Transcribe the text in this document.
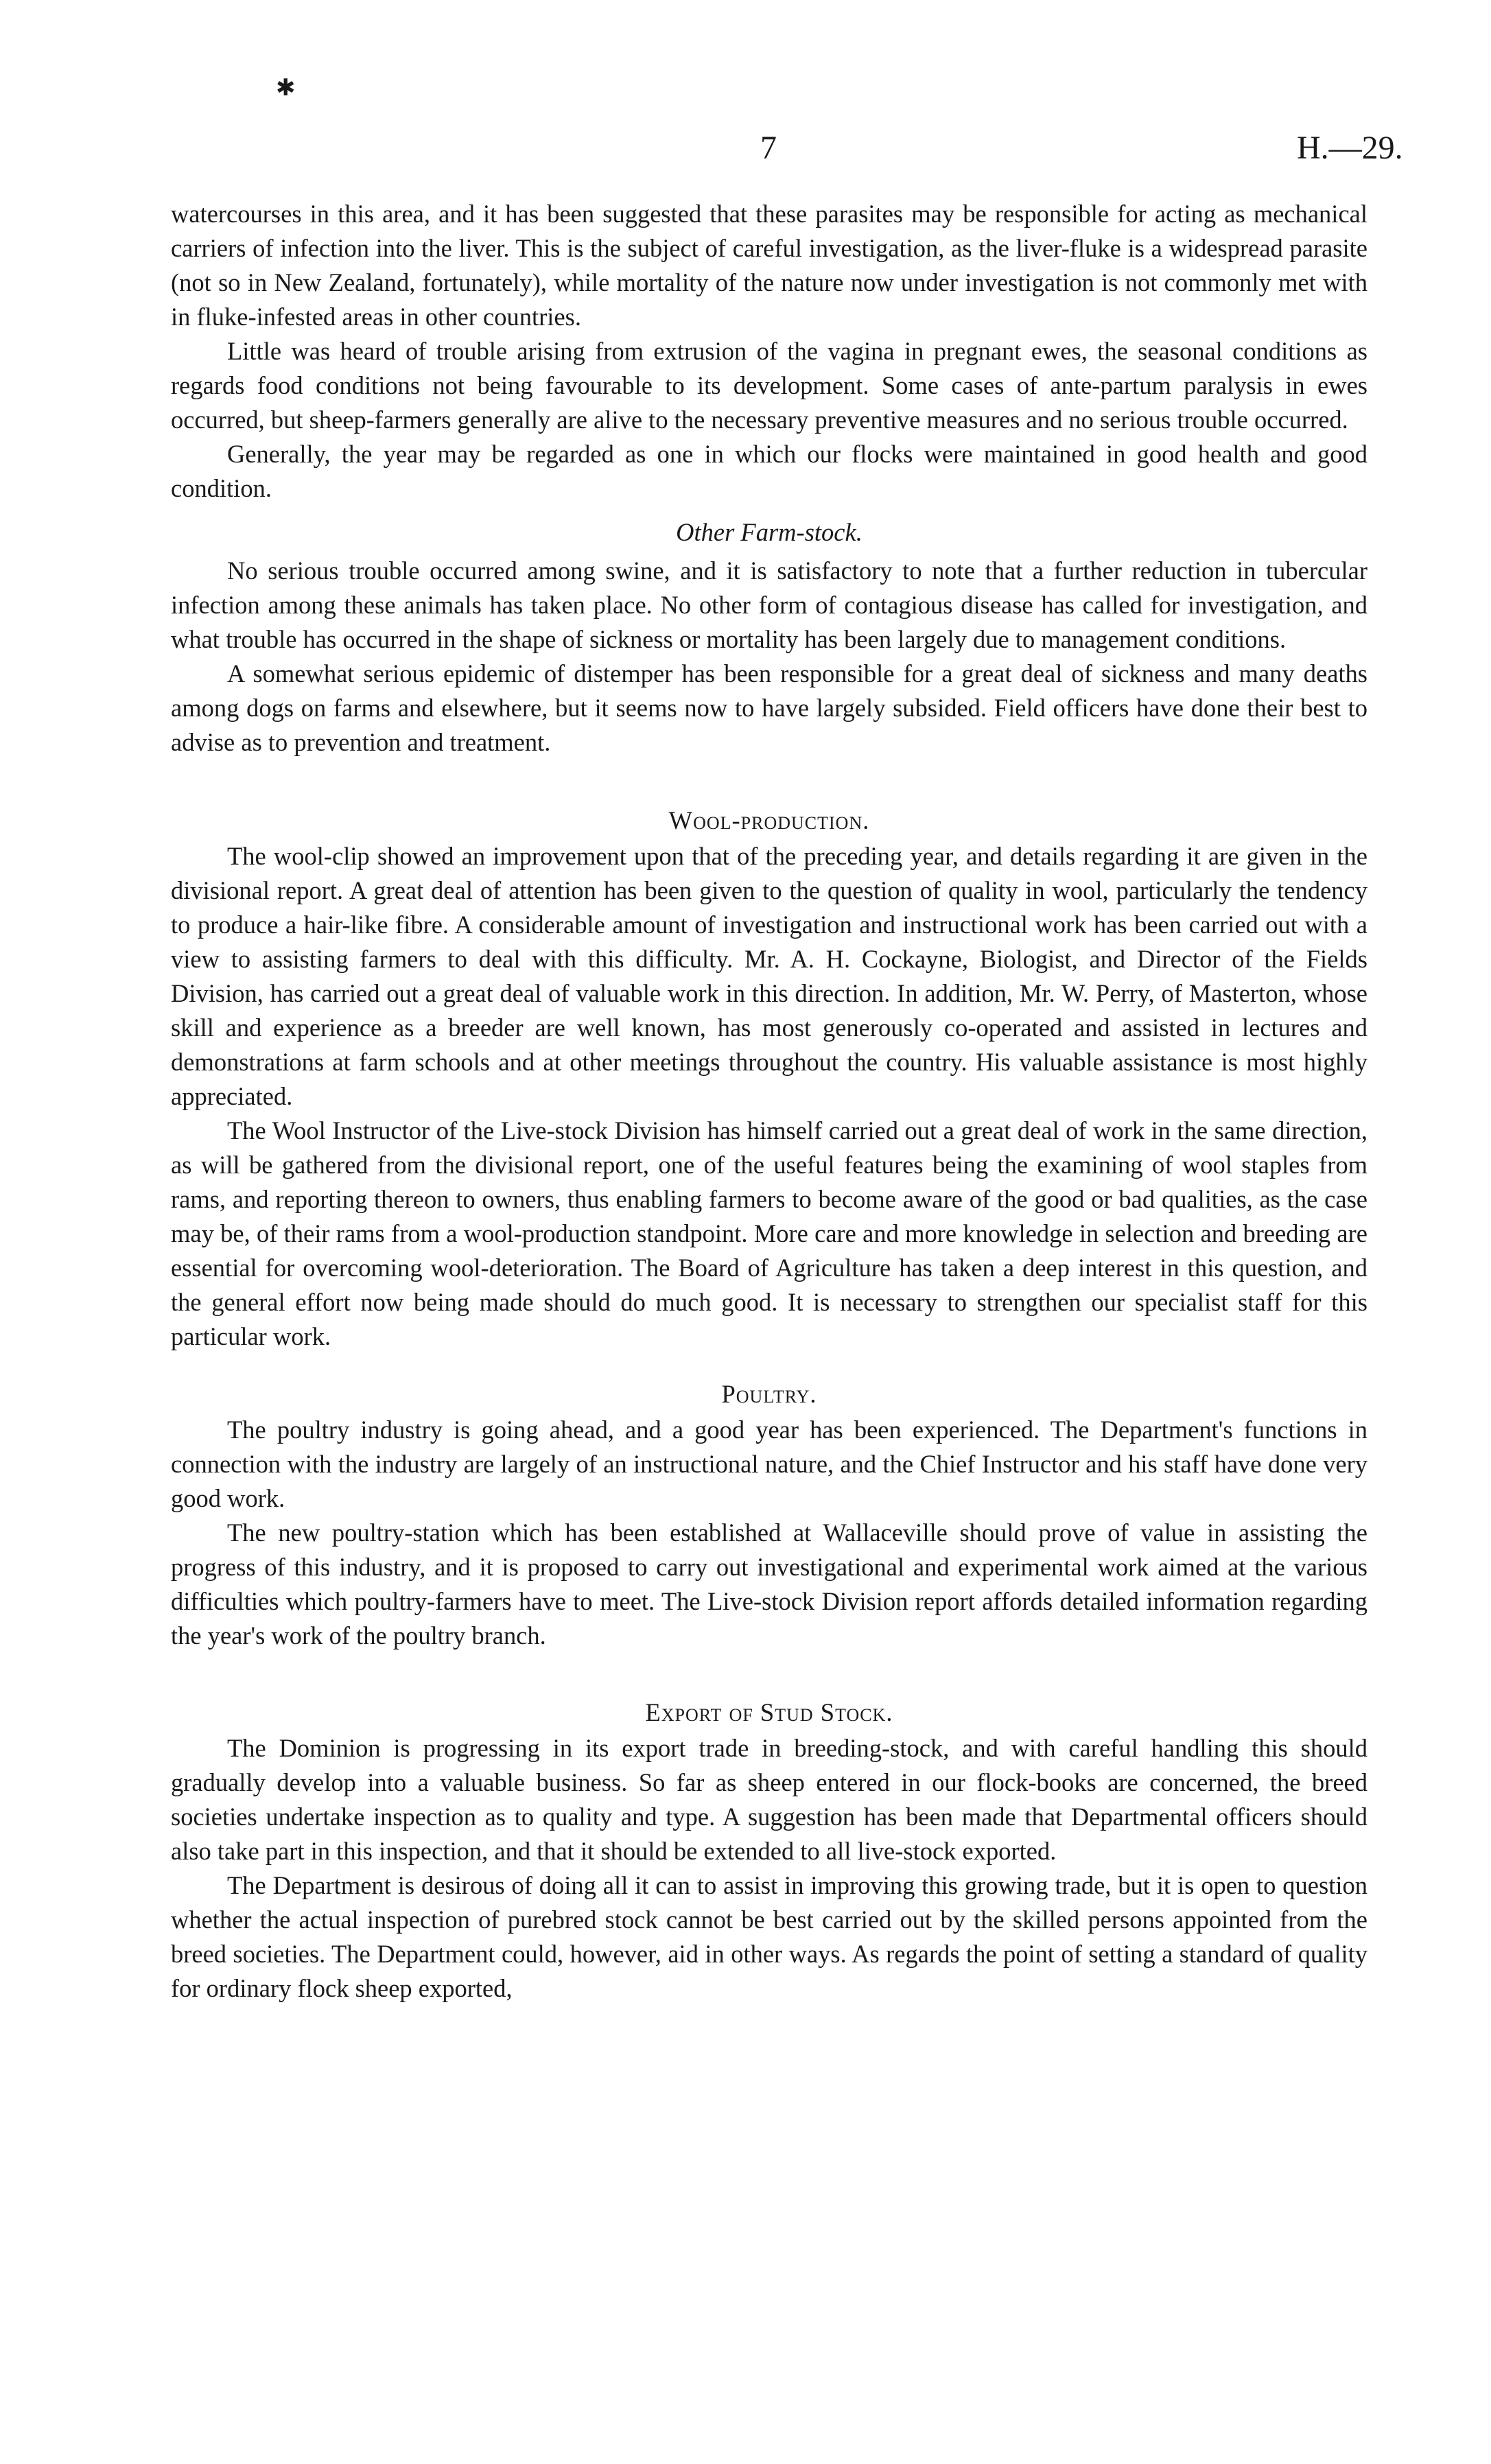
✱
7	H.—29.

watercourses in this area, and it has been suggested that these parasites may be responsible for acting as mechanical carriers of infection into the liver. This is the subject of careful investigation, as the liver-fluke is a widespread parasite (not so in New Zealand, fortunately), while mortality of the nature now under investigation is not commonly met with in fluke-infested areas in other countries.

Little was heard of trouble arising from extrusion of the vagina in pregnant ewes, the seasonal conditions as regards food conditions not being favourable to its development. Some cases of ante-partum paralysis in ewes occurred, but sheep-farmers generally are alive to the necessary preventive measures and no serious trouble occurred.

Generally, the year may be regarded as one in which our flocks were maintained in good health and good condition.

Other Farm-stock.

No serious trouble occurred among swine, and it is satisfactory to note that a further reduction in tubercular infection among these animals has taken place. No other form of contagious disease has called for investigation, and what trouble has occurred in the shape of sickness or mortality has been largely due to management conditions.

A somewhat serious epidemic of distemper has been responsible for a great deal of sickness and many deaths among dogs on farms and elsewhere, but it seems now to have largely subsided. Field officers have done their best to advise as to prevention and treatment.

Wool-production.

The wool-clip showed an improvement upon that of the preceding year, and details regarding it are given in the divisional report. A great deal of attention has been given to the question of quality in wool, particularly the tendency to produce a hair-like fibre. A considerable amount of investigation and instructional work has been carried out with a view to assisting farmers to deal with this difficulty. Mr. A. H. Cockayne, Biologist, and Director of the Fields Division, has carried out a great deal of valuable work in this direction. In addition, Mr. W. Perry, of Masterton, whose skill and experience as a breeder are well known, has most generously co-operated and assisted in lectures and demonstrations at farm schools and at other meetings throughout the country. His valuable assistance is most highly appreciated.

The Wool Instructor of the Live-stock Division has himself carried out a great deal of work in the same direction, as will be gathered from the divisional report, one of the useful features being the examining of wool staples from rams, and reporting thereon to owners, thus enabling farmers to become aware of the good or bad qualities, as the case may be, of their rams from a wool-production standpoint. More care and more knowledge in selection and breeding are essential for overcoming wool-deterioration. The Board of Agriculture has taken a deep interest in this question, and the general effort now being made should do much good. It is necessary to strengthen our specialist staff for this particular work.

Poultry.

The poultry industry is going ahead, and a good year has been experienced. The Department's functions in connection with the industry are largely of an instructional nature, and the Chief Instructor and his staff have done very good work.

The new poultry-station which has been established at Wallaceville should prove of value in assisting the progress of this industry, and it is proposed to carry out investigational and experimental work aimed at the various difficulties which poultry-farmers have to meet. The Live-stock Division report affords detailed information regarding the year's work of the poultry branch.

Export of Stud Stock.

The Dominion is progressing in its export trade in breeding-stock, and with careful handling this should gradually develop into a valuable business. So far as sheep entered in our flock-books are concerned, the breed societies undertake inspection as to quality and type. A suggestion has been made that Departmental officers should also take part in this inspection, and that it should be extended to all live-stock exported.

The Department is desirous of doing all it can to assist in improving this growing trade, but it is open to question whether the actual inspection of purebred stock cannot be best carried out by the skilled persons appointed from the breed societies. The Department could, however, aid in other ways. As regards the point of setting a standard of quality for ordinary flock sheep exported,
